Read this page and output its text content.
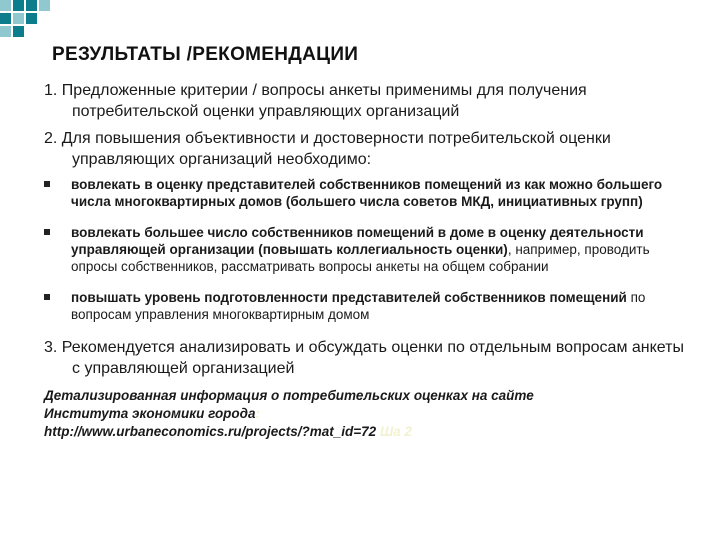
РЕЗУЛЬТАТЫ /РЕКОМЕНДАЦИИ
1. Предложенные критерии / вопросы анкеты применимы для получения потребительской оценки управляющих организаций
2. Для повышения объективности и достоверности потребительской оценки управляющих организаций необходимо:
вовлекать в оценку представителей собственников помещений из как можно большего числа многоквартирных домов (большего числа советов МКД, инициативных групп)
вовлекать большее число собственников помещений в доме в оценку деятельности управляющей организации (повышать коллегиальность оценки), например, проводить опросы собственников, рассматривать вопросы анкеты на общем собрании
повышать уровень подготовленности представителей собственников помещений по вопросам управления многоквартирным домом
3. Рекомендуется анализировать и обсуждать оценки по отдельным вопросам анкеты с управляющей организацией
Детализированная информация о потребительских оценках на сайте
Института экономики города:
http://www.urbaneconomics.ru/projects/?mat_id=72 Ша 2
